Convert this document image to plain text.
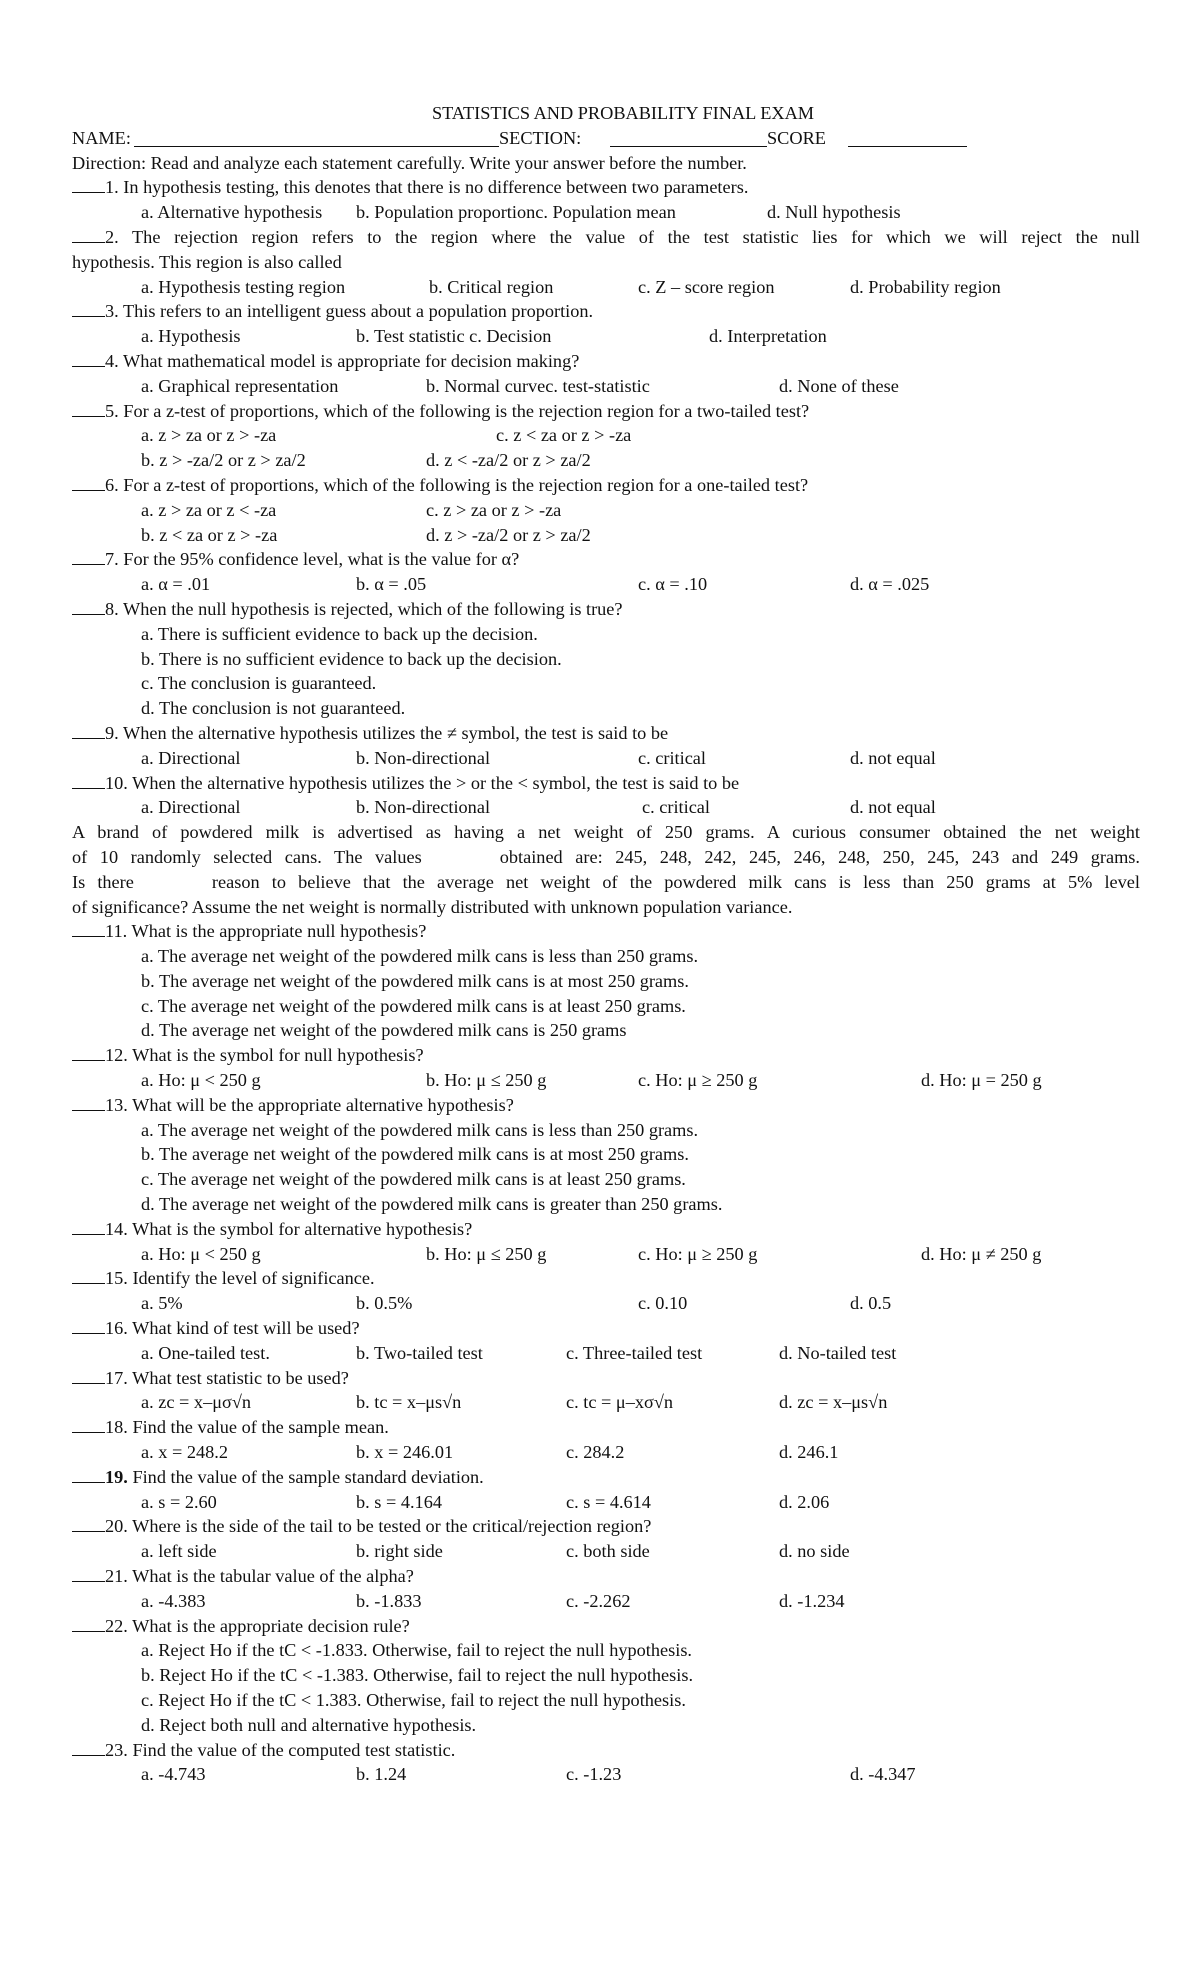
STATISTICS AND PROBABILITY FINAL EXAM
NAME:	SECTION:	SCORE
Direction: Read and analyze each statement carefully. Write your answer before the number.
1. In hypothesis testing, this denotes that there is no difference between two parameters.
a. Alternative hypothesis b. Population proportionc. Population mean	d. Null hypothesis
2. The rejection region refers to the region where the value of the test statistic lies for which we will reject the null
hypothesis. This region is also called
a. Hypothesis testing region	b. Critical region	c. Z – score region	d. Probability region
3. This refers to an intelligent guess about a population proportion.
a. Hypothesis	b. Test statistic c. Decision	d. Interpretation
4. What mathematical model is appropriate for decision making?
a. Graphical representation	b. Normal curvec. test-statistic	d. None of these
5. For a z-test of proportions, which of the following is the rejection region for a two-tailed test?
a. z > za or z > -za	c. z < za or z > -za
b. z > -za/2 or z > za/2	d. z < -za/2 or z > za/2
6. For a z-test of proportions, which of the following is the rejection region for a one-tailed test?
a. z > za or z < -za	c. z > za or z > -za
b. z < za or z > -za	d. z > -za/2 or z > za/2
7. For the 95% confidence level, what is the value for α?
a. α = .01	b. α = .05	c. α = .10	d. α = .025
8. When the null hypothesis is rejected, which of the following is true?
a. There is sufficient evidence to back up the decision.
b. There is no sufficient evidence to back up the decision.
c. The conclusion is guaranteed.
d. The conclusion is not guaranteed.
9. When the alternative hypothesis utilizes the ≠ symbol, the test is said to be
a. Directional	b. Non-directional	c. critical	d. not equal
10. When the alternative hypothesis utilizes the > or the < symbol, the test is said to be
a. Directional	b. Non-directional	c. critical	d. not equal
A brand of powdered milk is advertised as having a net weight of 250 grams. A curious consumer obtained the net weight
of 10 randomly selected cans. The values	obtained are: 245, 248, 242, 245, 246, 248, 250, 245, 243 and 249 grams.
Is there	reason to believe that the average net weight of the powdered milk cans is less than 250 grams at 5% level
of significance? Assume the net weight is normally distributed with unknown population variance.
11. What is the appropriate null hypothesis?
a. The average net weight of the powdered milk cans is less than 250 grams.
b. The average net weight of the powdered milk cans is at most 250 grams.
c. The average net weight of the powdered milk cans is at least 250 grams.
d. The average net weight of the powdered milk cans is 250 grams
12. What is the symbol for null hypothesis?
a. Ho: μ < 250 g	b. Ho: μ ≤ 250 g	c. Ho: μ ≥ 250 g	d. Ho: μ = 250 g
13. What will be the appropriate alternative hypothesis?
a. The average net weight of the powdered milk cans is less than 250 grams.
b. The average net weight of the powdered milk cans is at most 250 grams.
c. The average net weight of the powdered milk cans is at least 250 grams.
d. The average net weight of the powdered milk cans is greater than 250 grams.
14. What is the symbol for alternative hypothesis?
a. Ho: μ < 250 g	b. Ho: μ ≤ 250 g	c. Ho: μ ≥ 250 g	d. Ho: μ ≠ 250 g
15. Identify the level of significance.
a. 5%	b. 0.5%	c. 0.10	d. 0.5
16. What kind of test will be used?
a. One-tailed test.	b. Two-tailed test	c. Three-tailed test	d. No-tailed test
17. What test statistic to be used?
a. zc = x–μσ√n	b. tc = x–μs√n	c. tc = μ–xσ√n	d. zc = x–μs√n
18. Find the value of the sample mean.
a. x = 248.2	b. x = 246.01	c. 284.2	d. 246.1
19. Find the value of the sample standard deviation.
a. s = 2.60	b. s = 4.164	c. s = 4.614	d. 2.06
20. Where is the side of the tail to be tested or the critical/rejection region?
a. left side	b. right side	c. both side	d. no side
21. What is the tabular value of the alpha?
a. -4.383	b. -1.833	c. -2.262	d. -1.234
22. What is the appropriate decision rule?
a. Reject Ho if the tC < -1.833. Otherwise, fail to reject the null hypothesis.
b. Reject Ho if the tC < -1.383. Otherwise, fail to reject the null hypothesis.
c. Reject Ho if the tC < 1.383. Otherwise, fail to reject the null hypothesis.
d. Reject both null and alternative hypothesis.
23. Find the value of the computed test statistic.
a. -4.743	b. 1.24	c. -1.23	d. -4.347
